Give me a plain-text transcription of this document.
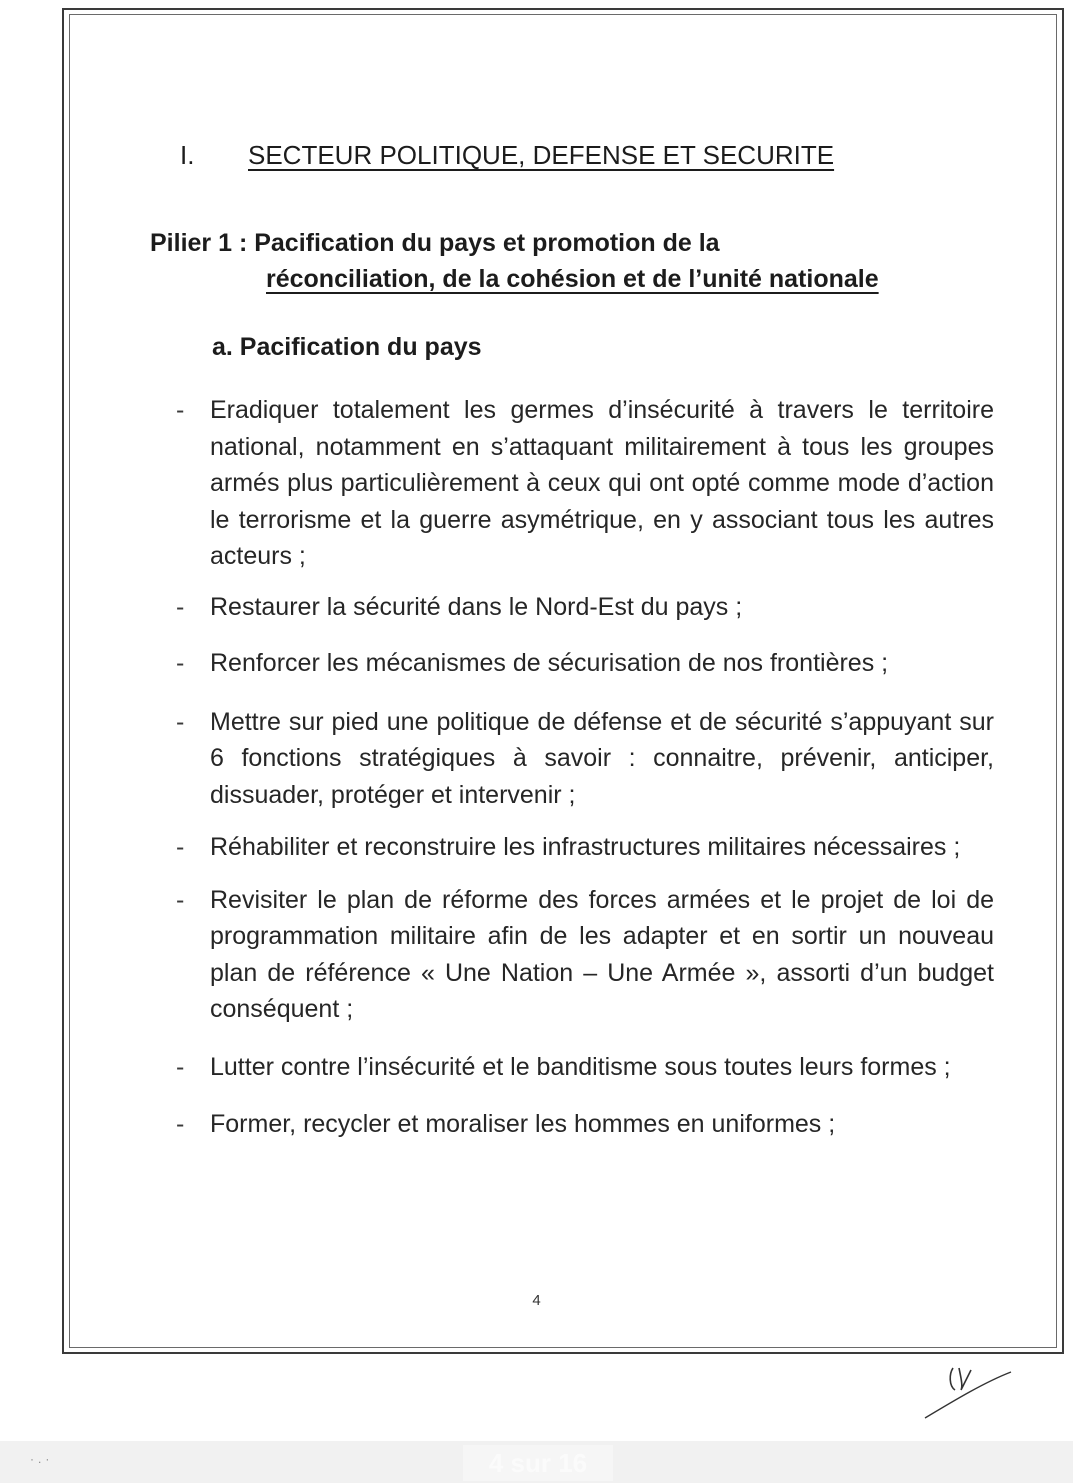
I. SECTEUR POLITIQUE, DEFENSE ET SECURITE
Pilier 1 : Pacification du pays et promotion de la
réconciliation, de la cohésion et de l’unité nationale
a. Pacification du pays
- Eradiquer totalement les germes d’insécurité à travers le territoire national, notamment en s’attaquant militairement à tous les groupes armés plus particulièrement à ceux qui ont opté comme mode d’action le terrorisme et la guerre asymétrique, en y associant tous les autres acteurs ;
- Restaurer la sécurité dans le Nord-Est du pays ;
- Renforcer les mécanismes de sécurisation de nos frontières ;
- Mettre sur pied une politique de défense et de sécurité s’appuyant sur 6 fonctions stratégiques à savoir : connaitre, prévenir, anticiper, dissuader, protéger et intervenir ;
- Réhabiliter et reconstruire les infrastructures militaires nécessaires ;
- Revisiter le plan de réforme des forces armées et le projet de loi de programmation militaire afin de les adapter et en sortir un nouveau plan de référence « Une Nation – Une Armée », assorti d’un budget conséquent ;
- Lutter contre l’insécurité et le banditisme sous toutes leurs formes ;
- Former, recycler et moraliser les hommes en uniformes ;
4
4 sur 16
·.·
